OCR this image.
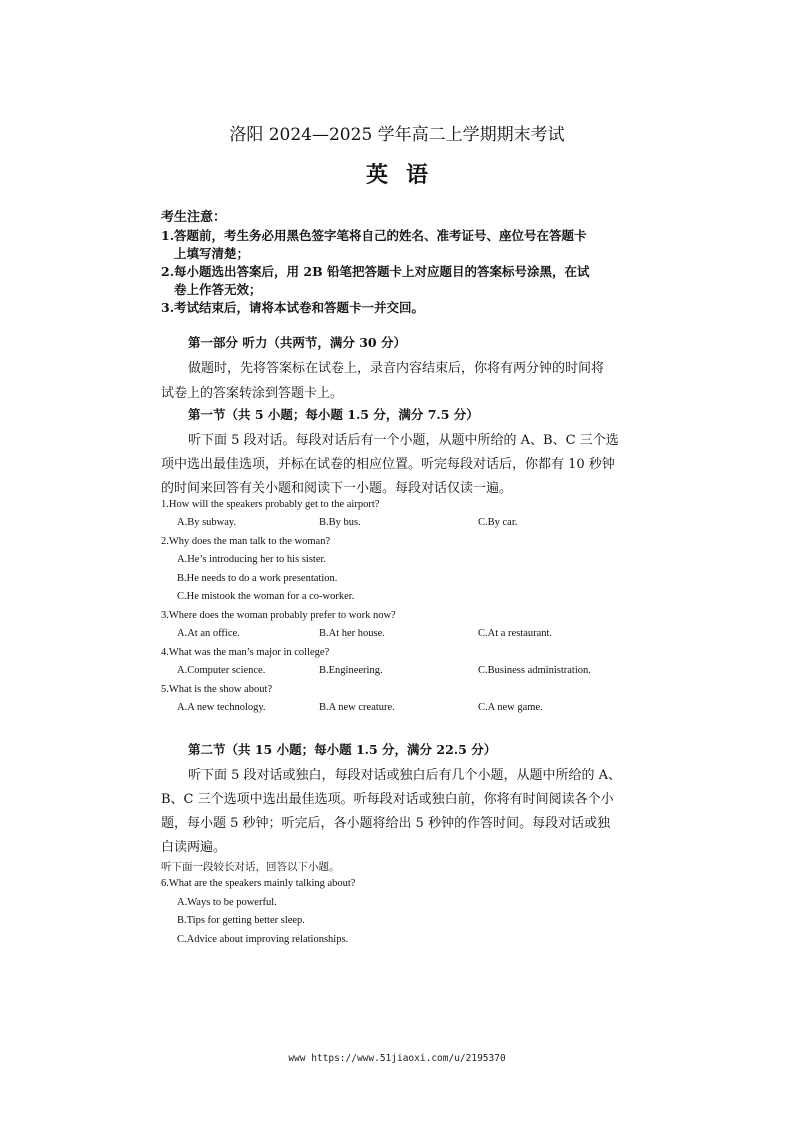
洛阳 2024—2025 学年高二上学期期末考试
英语
考生注意：
1.答题前，考生务必用黑色签字笔将自己的姓名、准考证号、座位号在答题卡
上填写清楚；
2.每小题选出答案后，用 2B 铅笔把答题卡上对应题目的答案标号涂黑，在试
卷上作答无效；
3.考试结束后，请将本试卷和答题卡一并交回。
第一部分 听力（共两节，满分 30 分）
做题时，先将答案标在试卷上，录音内容结束后，你将有两分钟的时间将
试卷上的答案转涂到答题卡上。
第一节（共 5 小题；每小题 1.5 分，满分 7.5 分）
听下面 5 段对话。每段对话后有一个小题，从题中所给的 A、B、C 三个选
项中选出最佳选项，并标在试卷的相应位置。听完每段对话后，你都有 10 秒钟
的时间来回答有关小题和阅读下一小题。每段对话仅读一遍。
1.How will the speakers probably get to the airport?
A.By subway.	B.By bus.	C.By car.
2.Why does the man talk to the woman?
A.He’s introducing her to his sister.
B.He needs to do a work presentation.
C.He mistook the woman for a co-worker.
3.Where does the woman probably prefer to work now?
A.At an office.	B.At her house.	C.At a restaurant.
4.What was the man’s major in college?
A.Computer science.	B.Engineering.	C.Business administration.
5.What is the show about?
A.A new technology.	B.A new creature.	C.A new game.
第二节（共 15 小题；每小题 1.5 分，满分 22.5 分）
听下面 5 段对话或独白，每段对话或独白后有几个小题，从题中所给的 A、
B、C 三个选项中选出最佳选项。听每段对话或独白前，你将有时间阅读各个小
题，每小题 5 秒钟；听完后，各小题将给出 5 秒钟的作答时间。每段对话或独
白读两遍。
听下面一段较长对话，回答以下小题。
6.What are the speakers mainly talking about?
A.Ways to be powerful.
B.Tips for getting better sleep.
C.Advice about improving relationships.
www https://www.51jiaoxi.com/u/2195370
